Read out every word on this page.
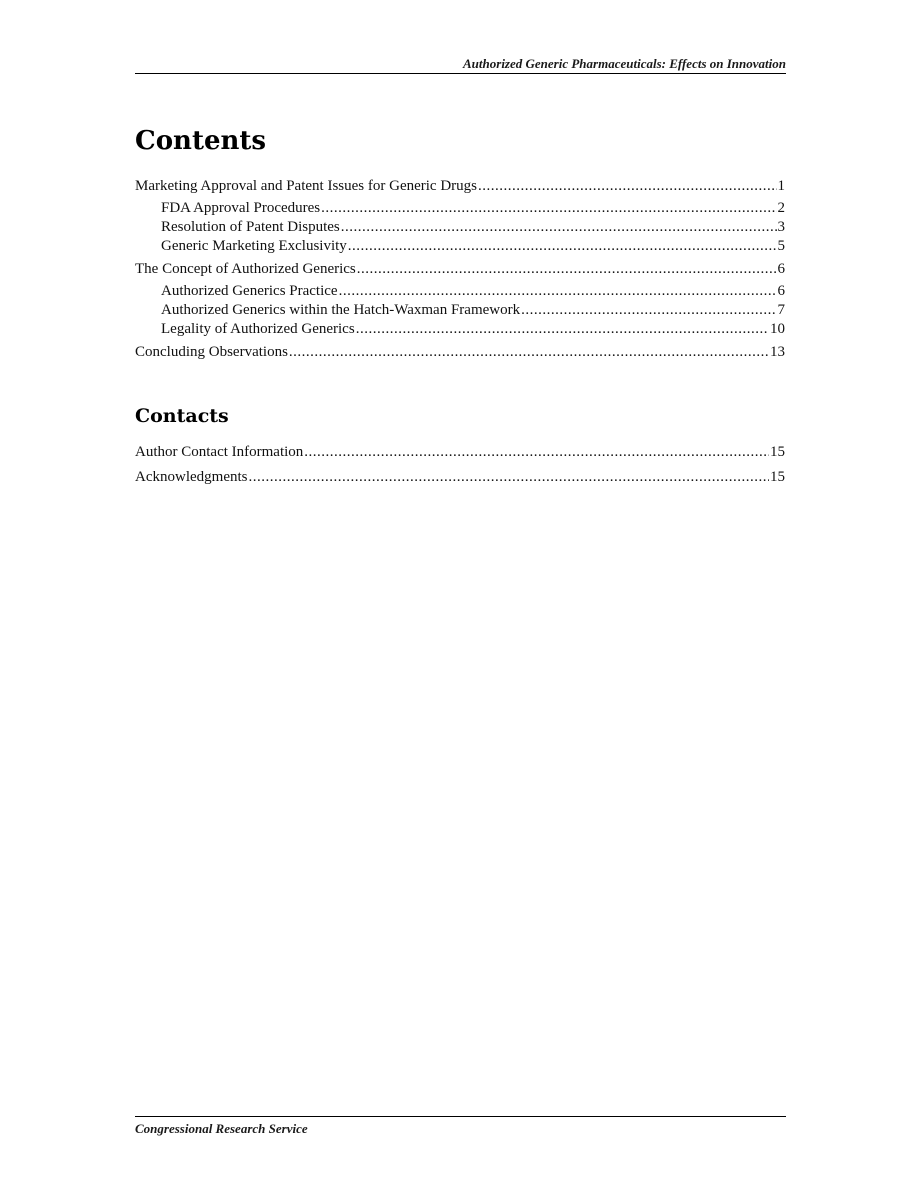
Authorized Generic Pharmaceuticals: Effects on Innovation
Contents
Marketing Approval and Patent Issues for Generic Drugs .....	1
FDA Approval Procedures .....	2
Resolution of Patent Disputes .....	3
Generic Marketing Exclusivity .....	5
The Concept of Authorized Generics .....	6
Authorized Generics Practice .....	6
Authorized Generics within the Hatch-Waxman Framework .....	7
Legality of Authorized Generics .....	10
Concluding Observations .....	13
Contacts
Author Contact Information .....	15
Acknowledgments .....	15
Congressional Research Service
